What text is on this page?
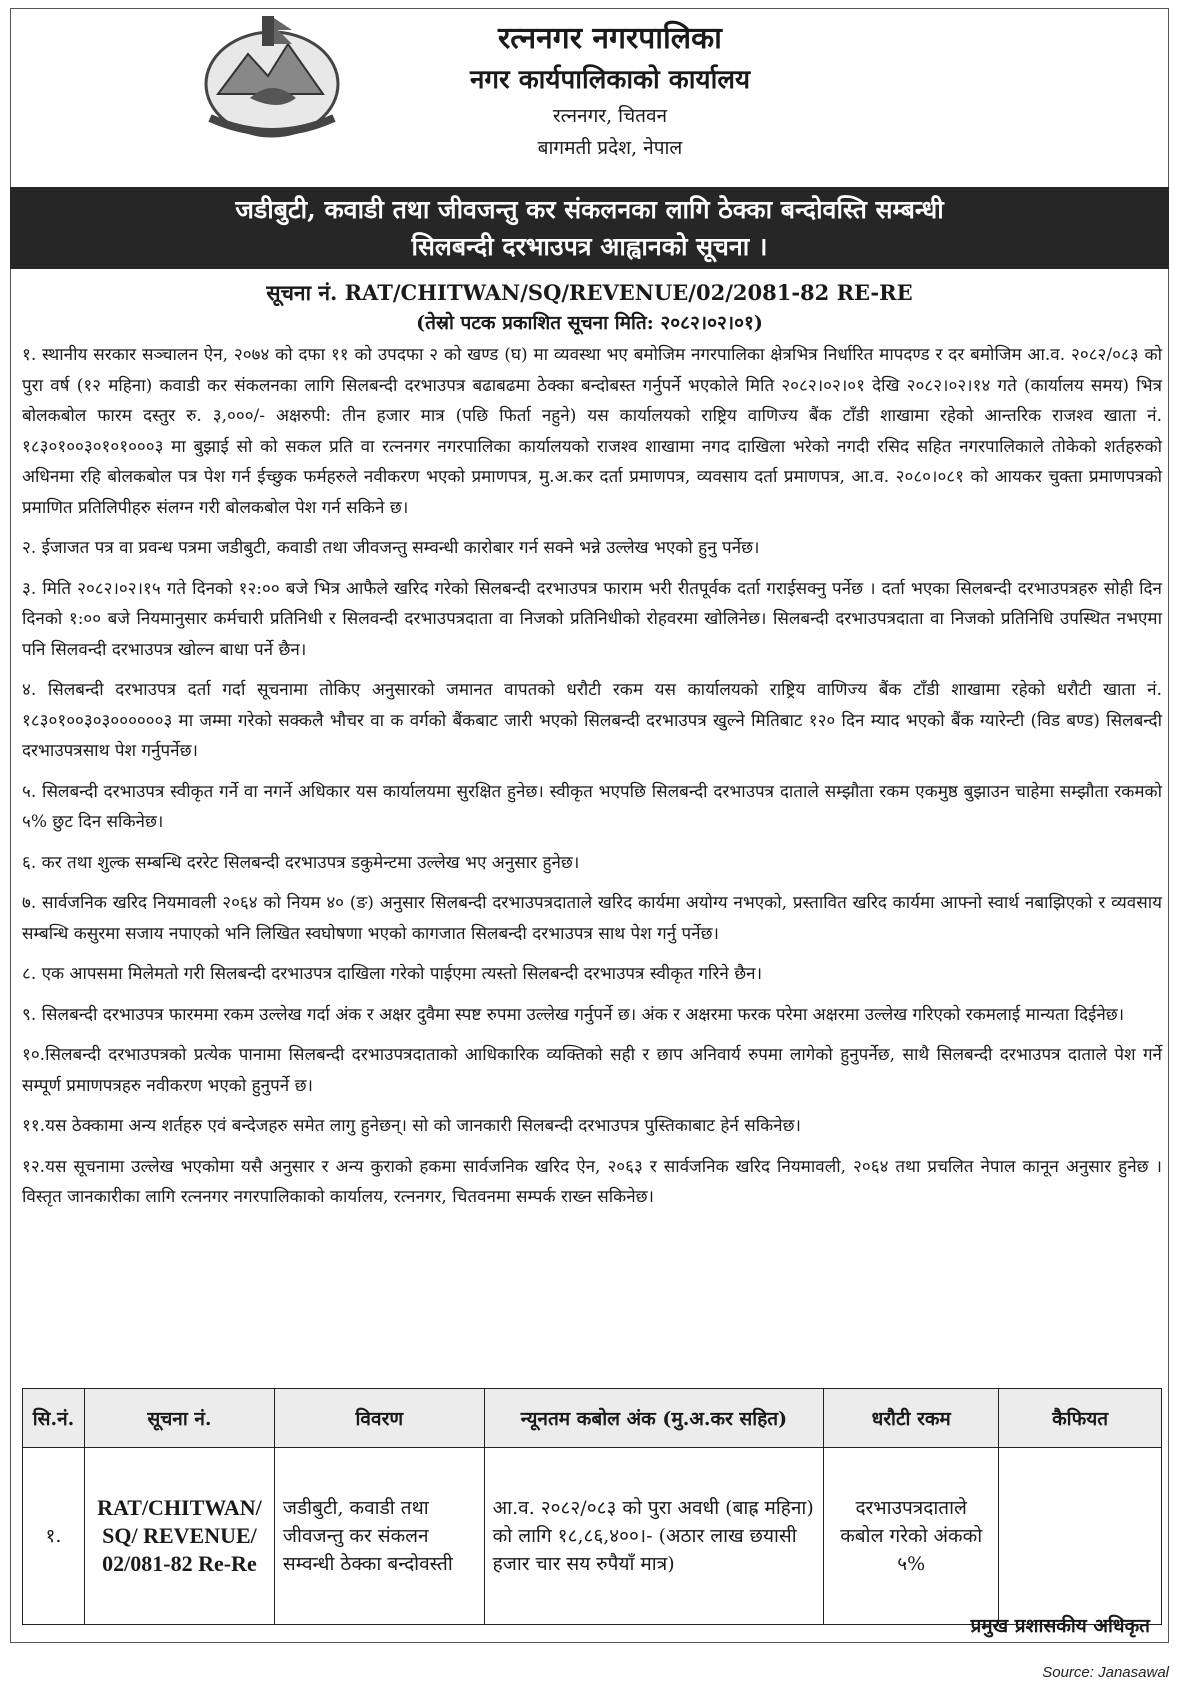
रत्ननगर नगरपालिका
नगर कार्यपालिकाको कार्यालय
रत्ननगर, चितवन
बागमती प्रदेश, नेपाल
जडीबुटी, कवाडी तथा जीवजन्तु कर संकलनका लागि ठेक्का बन्दोवस्ति सम्बन्धी
सिलबन्दी दरभाउपत्र आह्वानको सूचना ।
सूचना नं. RAT/CHITWAN/SQ/REVENUE/02/2081-82 RE-RE
(तेस्रो पटक प्रकाशित सूचना मिति: २०८२।०२।०१)

१. स्थानीय सरकार सञ्चालन ऐन, २०७४ को दफा ११ को उपदफा २ को खण्ड (घ) मा व्यवस्था भए बमोजिम नगरपालिका क्षेत्रभित्र निर्धारित मापदण्ड र दर बमोजिम आ.व. २०८२/०८३ को पुरा वर्ष (१२ महिना) कवाडी कर संकलनका लागि सिलबन्दी दरभाउपत्र बढाबढमा ठेक्का बन्दोबस्त गर्नुपर्ने भएकोले मिति २०८२।०२।०१ देखि २०८२।०२।१४ गते (कार्यालय समय) भित्र बोलकबोल फारम दस्तुर रु. ३,०००/- अक्षरुपी: तीन हजार मात्र (पछि फिर्ता नहुने) यस कार्यालयको राष्ट्रिय वाणिज्य बैंक टाँडी शाखामा रहेको आन्तरिक राजश्व खाता नं. १८३०१००३०१०१०००३ मा बुझाई सो को सकल प्रति वा रत्ननगर नगरपालिका कार्यालयको राजश्व शाखामा नगद दाखिला भरेको नगदी रसिद सहित नगरपालिकाले तोकेको शर्तहरुको अधिनमा रहि बोलकबोल पत्र पेश गर्न ईच्छुक फर्महरुले नवीकरण भएको प्रमाणपत्र, मु.अ.कर दर्ता प्रमाणपत्र, व्यवसाय दर्ता प्रमाणपत्र, आ.व. २०८०।०८१ को आयकर चुक्ता प्रमाणपत्रको प्रमाणित प्रतिलिपीहरु संलग्न गरी बोलकबोल पेश गर्न सकिने छ।

२. ईजाजत पत्र वा प्रवन्ध पत्रमा जडीबुटी, कवाडी तथा जीवजन्तु सम्वन्धी कारोबार गर्न सक्ने भन्ने उल्लेख भएको हुनु पर्नेछ।

३. मिति २०८२।०२।१५ गते दिनको १२:०० बजे भित्र आफैले खरिद गरेको सिलबन्दी दरभाउपत्र फाराम भरी रीतपूर्वक दर्ता गराईसक्नु पर्नेछ । दर्ता भएका सिलबन्दी दरभाउपत्रहरु सोही दिन दिनको १:०० बजे नियमानुसार कर्मचारी प्रतिनिधी र सिलवन्दी दरभाउपत्रदाता वा निजको प्रतिनिधीको रोहवरमा खोलिनेछ। सिलबन्दी दरभाउपत्रदाता वा निजको प्रतिनिधि उपस्थित नभएमा पनि सिलवन्दी दरभाउपत्र खोल्न बाधा पर्ने छैन।

४. सिलबन्दी दरभाउपत्र दर्ता गर्दा सूचनामा तोकिए अनुसारको जमानत वापतको धरौटी रकम यस कार्यालयको राष्ट्रिय वाणिज्य बैंक टाँडी शाखामा रहेको धरौटी खाता नं. १८३०१००३०३००००००३ मा जम्मा गरेको सक्कलै भौचर वा क वर्गको बैंकबाट जारी भएको सिलबन्दी दरभाउपत्र खुल्ने मितिबाट १२० दिन म्याद भएको बैंक ग्यारेन्टी (विड बण्ड) सिलबन्दी दरभाउपत्रसाथ पेश गर्नुपर्नेछ।

५. सिलबन्दी दरभाउपत्र स्वीकृत गर्ने वा नगर्ने अधिकार यस कार्यालयमा सुरक्षित हुनेछ। स्वीकृत भएपछि सिलबन्दी दरभाउपत्र दाताले सम्झौता रकम एकमुष्ठ बुझाउन चाहेमा सम्झौता रकमको ५% छुट दिन सकिनेछ।

६. कर तथा शुल्क सम्बन्धि दररेट सिलबन्दी दरभाउपत्र डकुमेन्टमा उल्लेख भए अनुसार हुनेछ।

७. सार्वजनिक खरिद नियमावली २०६४ को नियम ४० (ङ) अनुसार सिलबन्दी दरभाउपत्रदाताले खरिद कार्यमा अयोग्य नभएको, प्रस्तावित खरिद कार्यमा आफ्नो स्वार्थ नबाझिएको र व्यवसाय सम्बन्धि कसुरमा सजाय नपाएको भनि लिखित स्वघोषणा भएको कागजात सिलबन्दी दरभाउपत्र साथ पेश गर्नु पर्नेछ।

८. एक आपसमा मिलेमतो गरी सिलबन्दी दरभाउपत्र दाखिला गरेको पाईएमा त्यस्तो सिलबन्दी दरभाउपत्र स्वीकृत गरिने छैन।

९. सिलबन्दी दरभाउपत्र फारममा रकम उल्लेख गर्दा अंक र अक्षर दुवैमा स्पष्ट रुपमा उल्लेख गर्नुपर्ने छ। अंक र अक्षरमा फरक परेमा अक्षरमा उल्लेख गरिएको रकमलाई मान्यता दिईनेछ।

१०.सिलबन्दी दरभाउपत्रको प्रत्येक पानामा सिलबन्दी दरभाउपत्रदाताको आधिकारिक व्यक्तिको सही र छाप अनिवार्य रुपमा लागेको हुनुपर्नेछ, साथै सिलबन्दी दरभाउपत्र दाताले पेश गर्ने सम्पूर्ण प्रमाणपत्रहरु नवीकरण भएको हुनुपर्ने छ।

११.यस ठेक्कामा अन्य शर्तहरु एवं बन्देजहरु समेत लागु हुनेछन्। सो को जानकारी सिलबन्दी दरभाउपत्र पुस्तिकाबाट हेर्न सकिनेछ।

१२.यस सूचनामा उल्लेख भएकोमा यसै अनुसार र अन्य कुराको हकमा सार्वजनिक खरिद ऐन, २०६३ र सार्वजनिक खरिद नियमावली, २०६४ तथा प्रचलित नेपाल कानून अनुसार हुनेछ । विस्तृत जानकारीका लागि रत्ननगर नगरपालिकाको कार्यालय, रत्ननगर, चितवनमा सम्पर्क राख्न सकिनेछ।

सि.नं.	सूचना नं.	विवरण	न्यूनतम कबोल अंक (मु.अ.कर सहित)	धरौटी रकम	कैफियत
१.	RAT/CHITWAN/ SQ/ REVENUE/ 02/081-82 Re-Re	जडीबुटी, कवाडी तथा जीवजन्तु कर संकलन सम्वन्धी ठेक्का बन्दोवस्ती	आ.व. २०८२/०८३ को पुरा अवधी (बाह्र महिना) को लागि १८,८६,४००।- (अठार लाख छयासी हजार चार सय रुपैयाँ मात्र)	दरभाउपत्रदाताले कबोल गरेको अंकको ५%	
प्रमुख प्रशासकीय अधिकृत
Source: Janasawal
